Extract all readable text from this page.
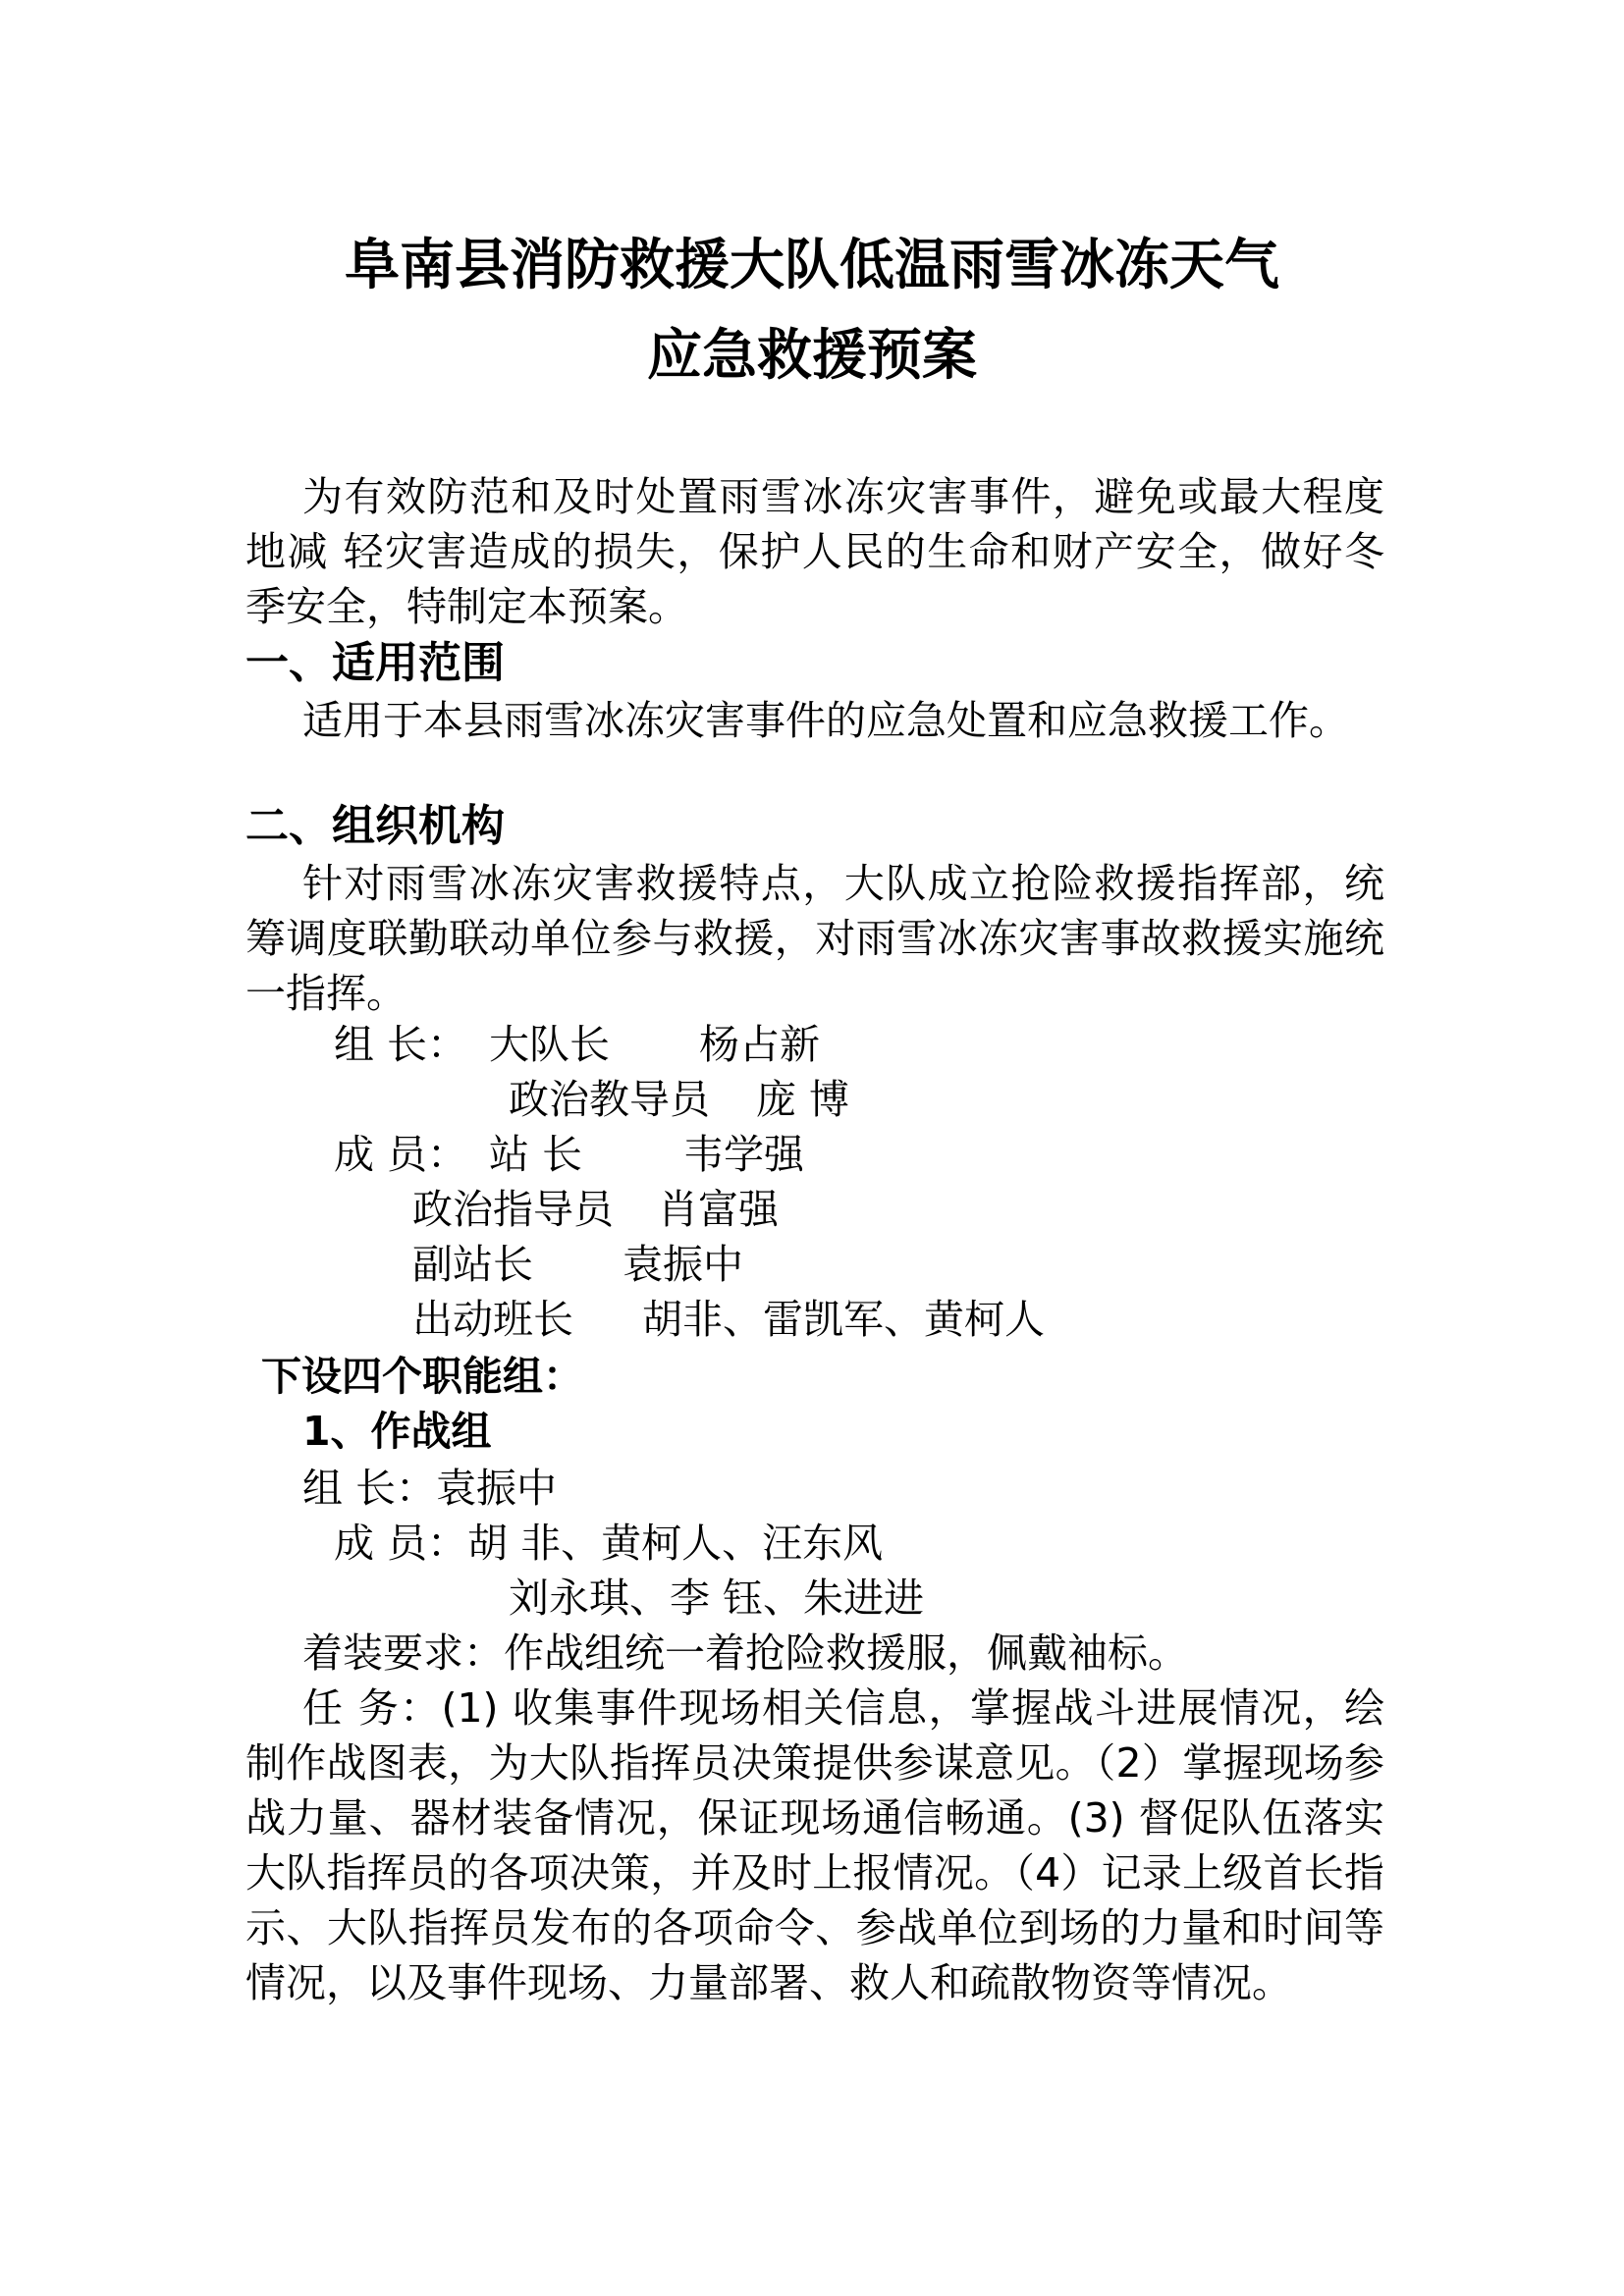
阜南县消防救援大队低温雨雪冰冻天气
应急救援预案

为有效防范和及时处置雨雪冰冻灾害事件，避免或最大程度地减 轻灾害造成的损失，保护人民的生命和财产安全，做好冬季安全，特制定本预案。

一、适用范围

适用于本县雨雪冰冻灾害事件的应急处置和应急救援工作。

二、组织机构

针对雨雪冰冻灾害救援特点，大队成立抢险救援指挥部，统筹调度联勤联动单位参与救援，对雨雪冰冻灾害事故救援实施统一指挥。

组 长： 大队长 杨占新
政治教导员 庞 博
成 员： 站 长	韦学强
政治指导员 肖富强
副站长 袁振中
出动班长 胡非、雷凯军、黄柯人
下设四个职能组：
1、作战组
组 长：袁振中
成 员：胡 非、黄柯人、汪东风
刘永琪、李 钰、朱进进

着装要求：作战组统一着抢险救援服，佩戴袖标。

任 务：(1) 收集事件现场相关信息，掌握战斗进展情况，绘制作战图表，为大队指挥员决策提供参谋意见。（2）掌握现场参战力量、器材装备情况，保证现场通信畅通。(3) 督促队伍落实大队指挥员的各项决策，并及时上报情况。（4）记录上级首长指示、大队指挥员发布的各项命令、参战单位到场的力量和时间等情况，以及事件现场、力量部署、救人和疏散物资等情况。
